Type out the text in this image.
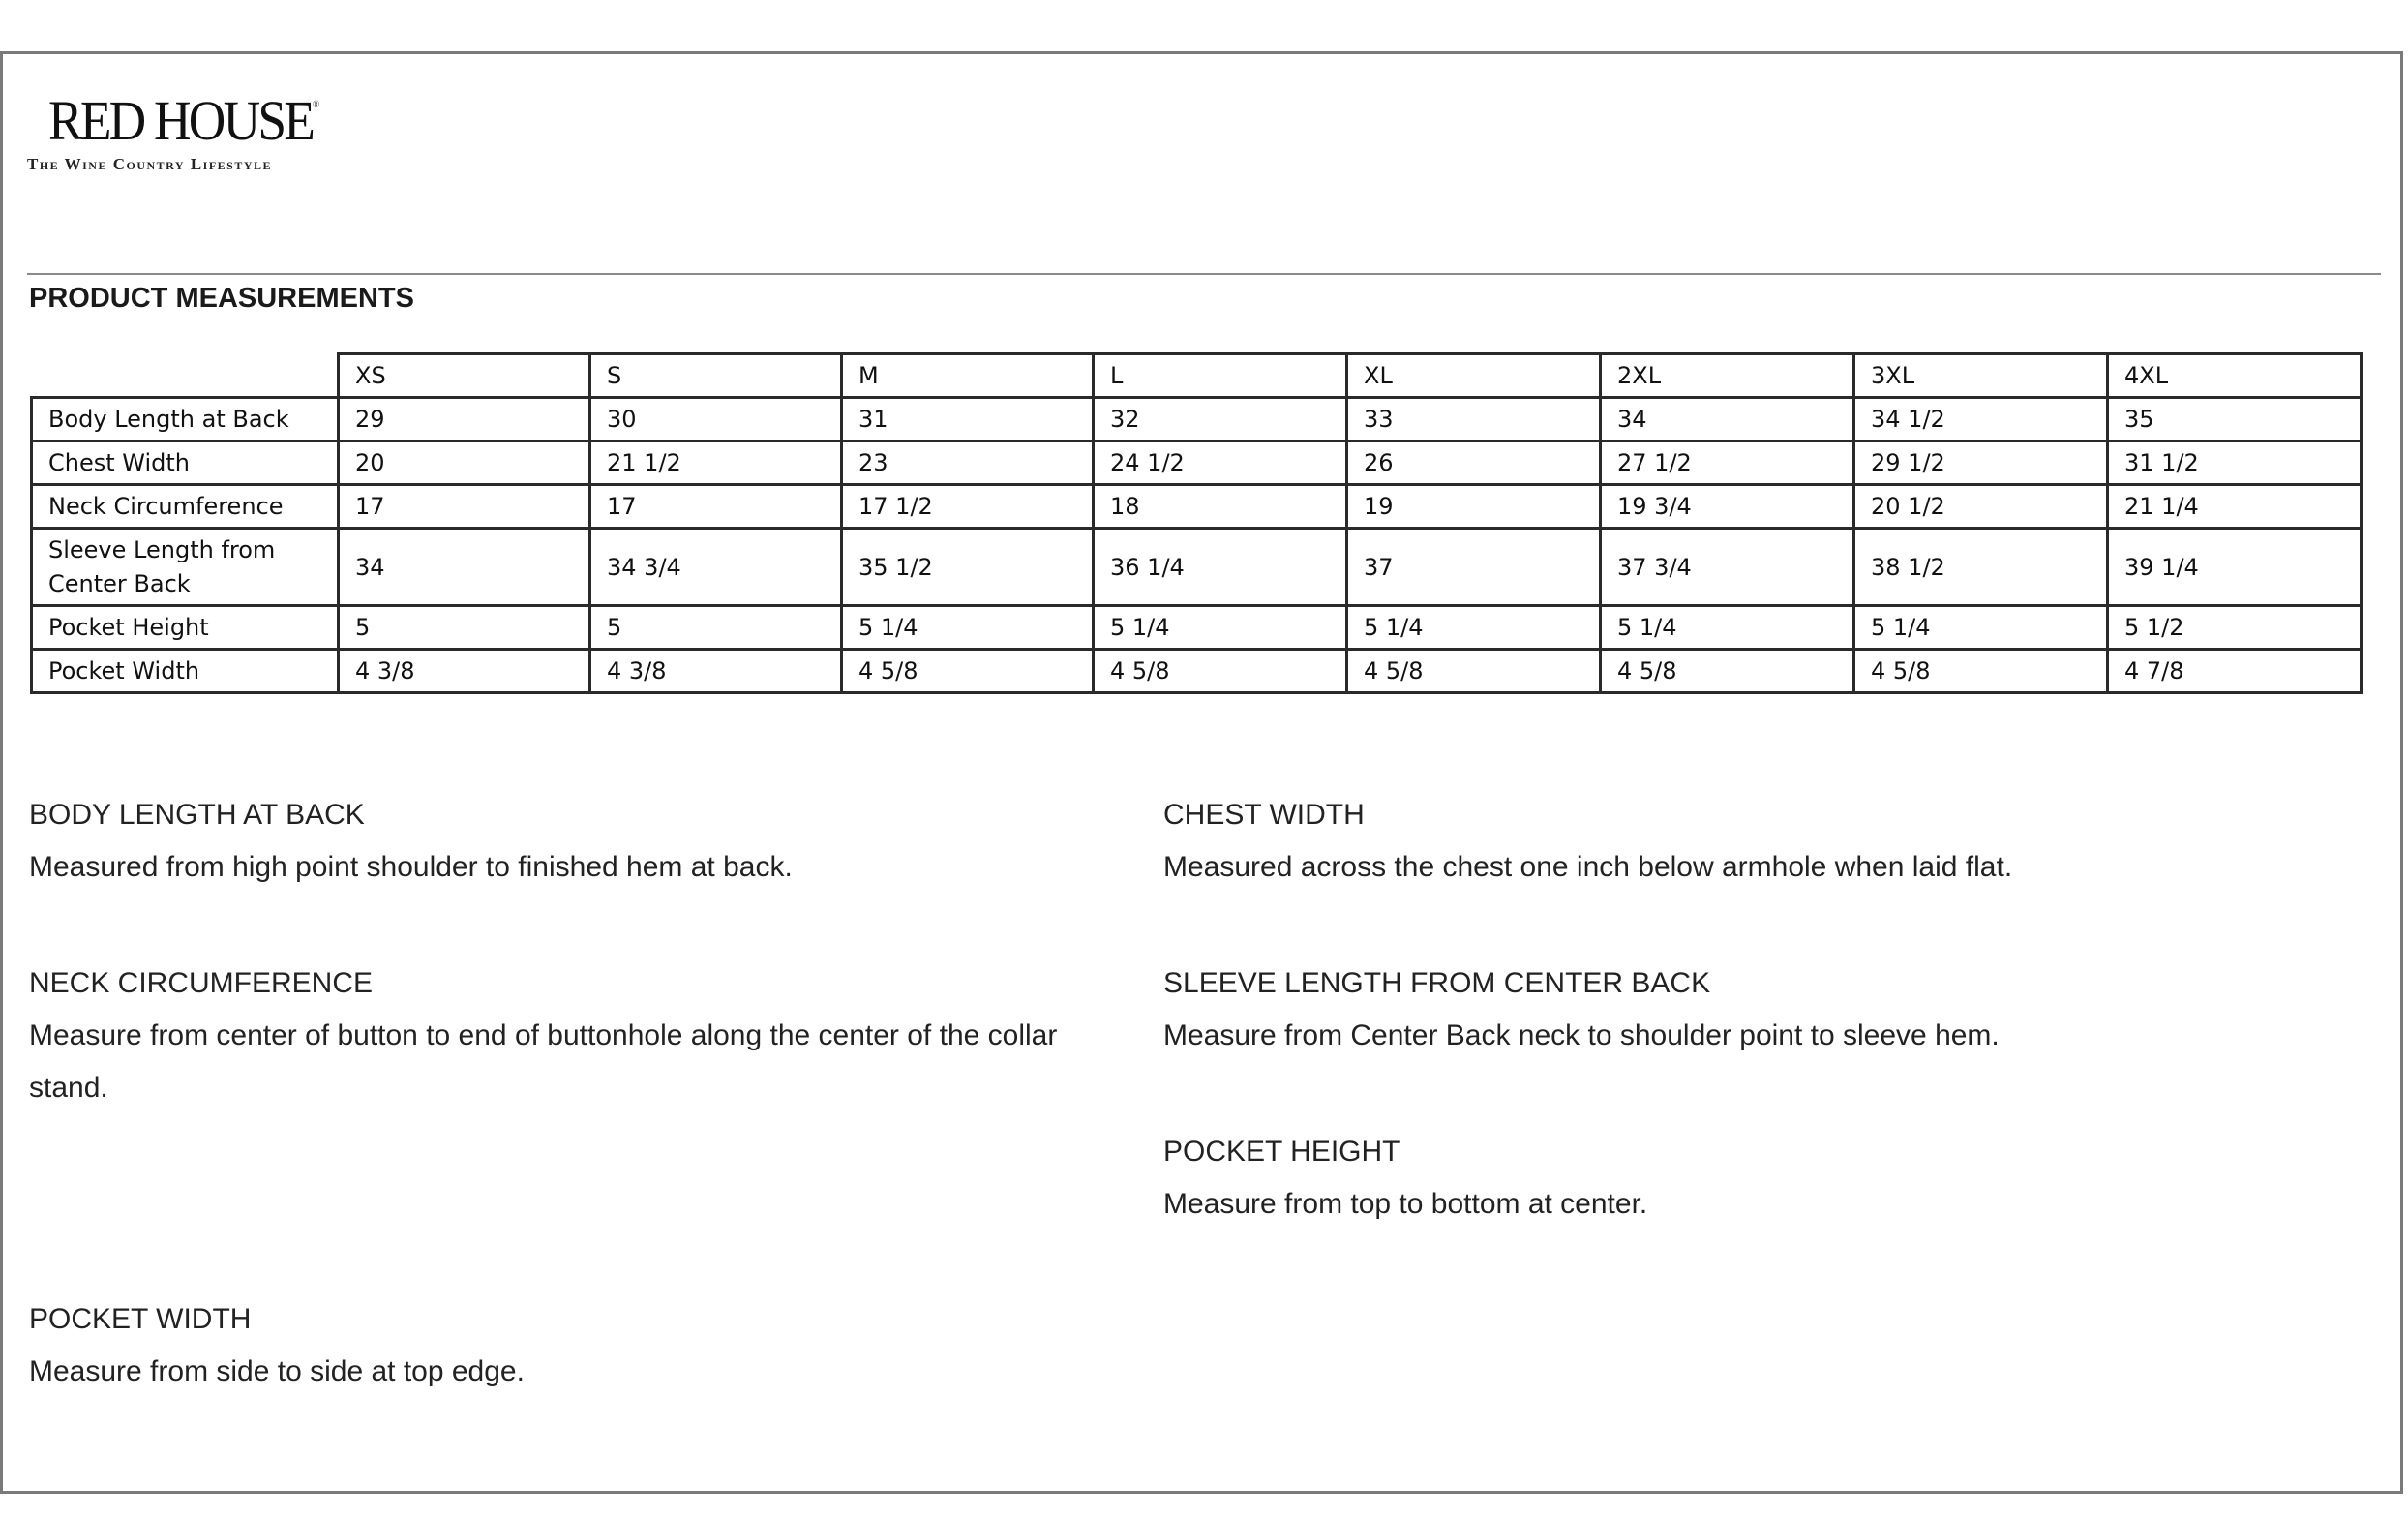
RED HOUSE®
The Wine Country Lifestyle
PRODUCT MEASUREMENTS
	XS	S	M	L	XL	2XL	3XL	4XL
Body Length at Back	29	30	31	32	33	34	34 1/2	35
Chest Width	20	21 1/2	23	24 1/2	26	27 1/2	29 1/2	31 1/2
Neck Circumference	17	17	17 1/2	18	19	19 3/4	20 1/2	21 1/4
Sleeve Length from Center Back	34	34 3/4	35 1/2	36 1/4	37	37 3/4	38 1/2	39 1/4
Pocket Height	5	5	5 1/4	5 1/4	5 1/4	5 1/4	5 1/4	5 1/2
Pocket Width	4 3/8	4 3/8	4 5/8	4 5/8	4 5/8	4 5/8	4 5/8	4 7/8
BODY LENGTH AT BACK
Measured from high point shoulder to finished hem at back.
CHEST WIDTH
Measured across the chest one inch below armhole when laid flat.
NECK CIRCUMFERENCE
Measure from center of button to end of buttonhole along the center of the collar stand.
SLEEVE LENGTH FROM CENTER BACK
Measure from Center Back neck to shoulder point to sleeve hem.
POCKET HEIGHT
Measure from top to bottom at center.
POCKET WIDTH
Measure from side to side at top edge.
